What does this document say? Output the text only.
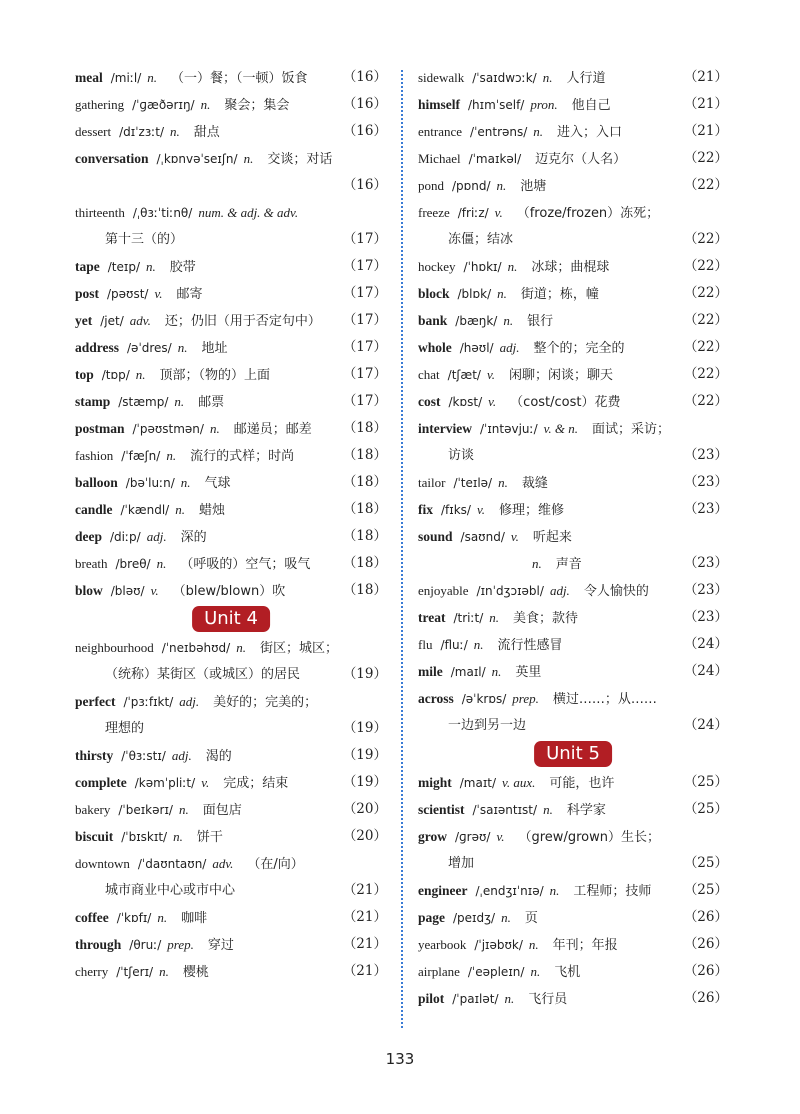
meal /miːl/ n. （一）餐；（一顿）饭食	（16）
gathering /ˈɡæðərɪŋ/ n. 聚会；集会	（16）
dessert /dɪˈzɜːt/ n. 甜点	（16）
conversation /ˌkɒnvəˈseɪʃn/ n. 交谈；对话
（16）
thirteenth /ˌθɜːˈtiːnθ/ num. & adj. & adv.
第十三（的）	（17）
tape /teɪp/ n. 胶带	（17）
post /pəʊst/ v. 邮寄	（17）
yet /jet/ adv. 还；仍旧（用于否定句中） （17）
address /əˈdres/ n. 地址	（17）
top /tɒp/ n. 顶部；（物的）上面	（17）
stamp /stæmp/ n. 邮票	（17）
postman /ˈpəʊstmən/ n. 邮递员；邮差 （18）
fashion /ˈfæʃn/ n. 流行的式样；时尚	（18）
balloon /bəˈluːn/ n. 气球	（18）
candle /ˈkændl/ n. 蜡烛	（18）
deep /diːp/ adj. 深的	（18）
breath /breθ/ n. （呼吸的）空气；吸气 （18）
blow /bləʊ/ v. （blew/blown）吹	（18）
Unit 4
neighbourhood /ˈneɪbəhʊd/ n. 街区；城区；
（统称）某街区（或城区）的居民	（19）
perfect /ˈpɜːfɪkt/ adj. 美好的；完美的；
理想的	（19）
thirsty /ˈθɜːstɪ/ adj. 渴的	（19）
complete /kəmˈpliːt/ v. 完成；结束	（19）
bakery /ˈbeɪkərɪ/ n. 面包店	（20）
biscuit /ˈbɪskɪt/ n. 饼干	（20）
downtown /ˈdaʊntaʊn/ adv. （在/向）
城市商业中心或市中心	（21）
coffee /ˈkɒfɪ/ n. 咖啡	（21）
through /θruː/ prep. 穿过	（21）
cherry /ˈtʃerɪ/ n. 樱桃	（21）
sidewalk /ˈsaɪdwɔːk/ n. 人行道	（21）
himself /hɪmˈself/ pron. 他自己	（21）
entrance /ˈentrəns/ n. 进入；入口	（21）
Michael /ˈmaɪkəl/ 迈克尔（人名）	（22）
pond /pɒnd/ n. 池塘	（22）
freeze /friːz/ v. （froze/frozen）冻死；
冻僵；结冰	（22）
hockey /ˈhɒkɪ/ n. 冰球；曲棍球	（22）
block /blɒk/ n. 街道；栋，幢	（22）
bank /bæŋk/ n. 银行	（22）
whole /həʊl/ adj. 整个的；完全的	（22）
chat /tʃæt/ v. 闲聊；闲谈；聊天	（22）
cost /kɒst/ v. （cost/cost）花费	（22）
interview /ˈɪntəvjuː/ v. & n. 面试；采访；
访谈	（23）
tailor /ˈteɪlə/ n. 裁缝	（23）
fix /fɪks/ v. 修理；维修	（23）
sound /saʊnd/ v. 听起来
n. 声音	（23）
enjoyable /ɪnˈdʒɔɪəbl/ adj. 令人愉快的	（23）
treat /triːt/ n. 美食；款待	（23）
flu /fluː/ n. 流行性感冒	（24）
mile /maɪl/ n. 英里	（24）
across /əˈkrɒs/ prep. 横过……；从……
一边到另一边	（24）
Unit 5
might /maɪt/ v. aux. 可能，也许	（25）
scientist /ˈsaɪəntɪst/ n. 科学家	（25）
grow /ɡrəʊ/ v. （grew/grown）生长；
增加	（25）
engineer /ˌendʒɪˈnɪə/ n. 工程师；技师 （25）
page /peɪdʒ/ n. 页	（26）
yearbook /ˈjɪəbʊk/ n. 年刊；年报	（26）
airplane /ˈeəpleɪn/ n. 飞机	（26）
pilot /ˈpaɪlət/ n. 飞行员	（26）
133
